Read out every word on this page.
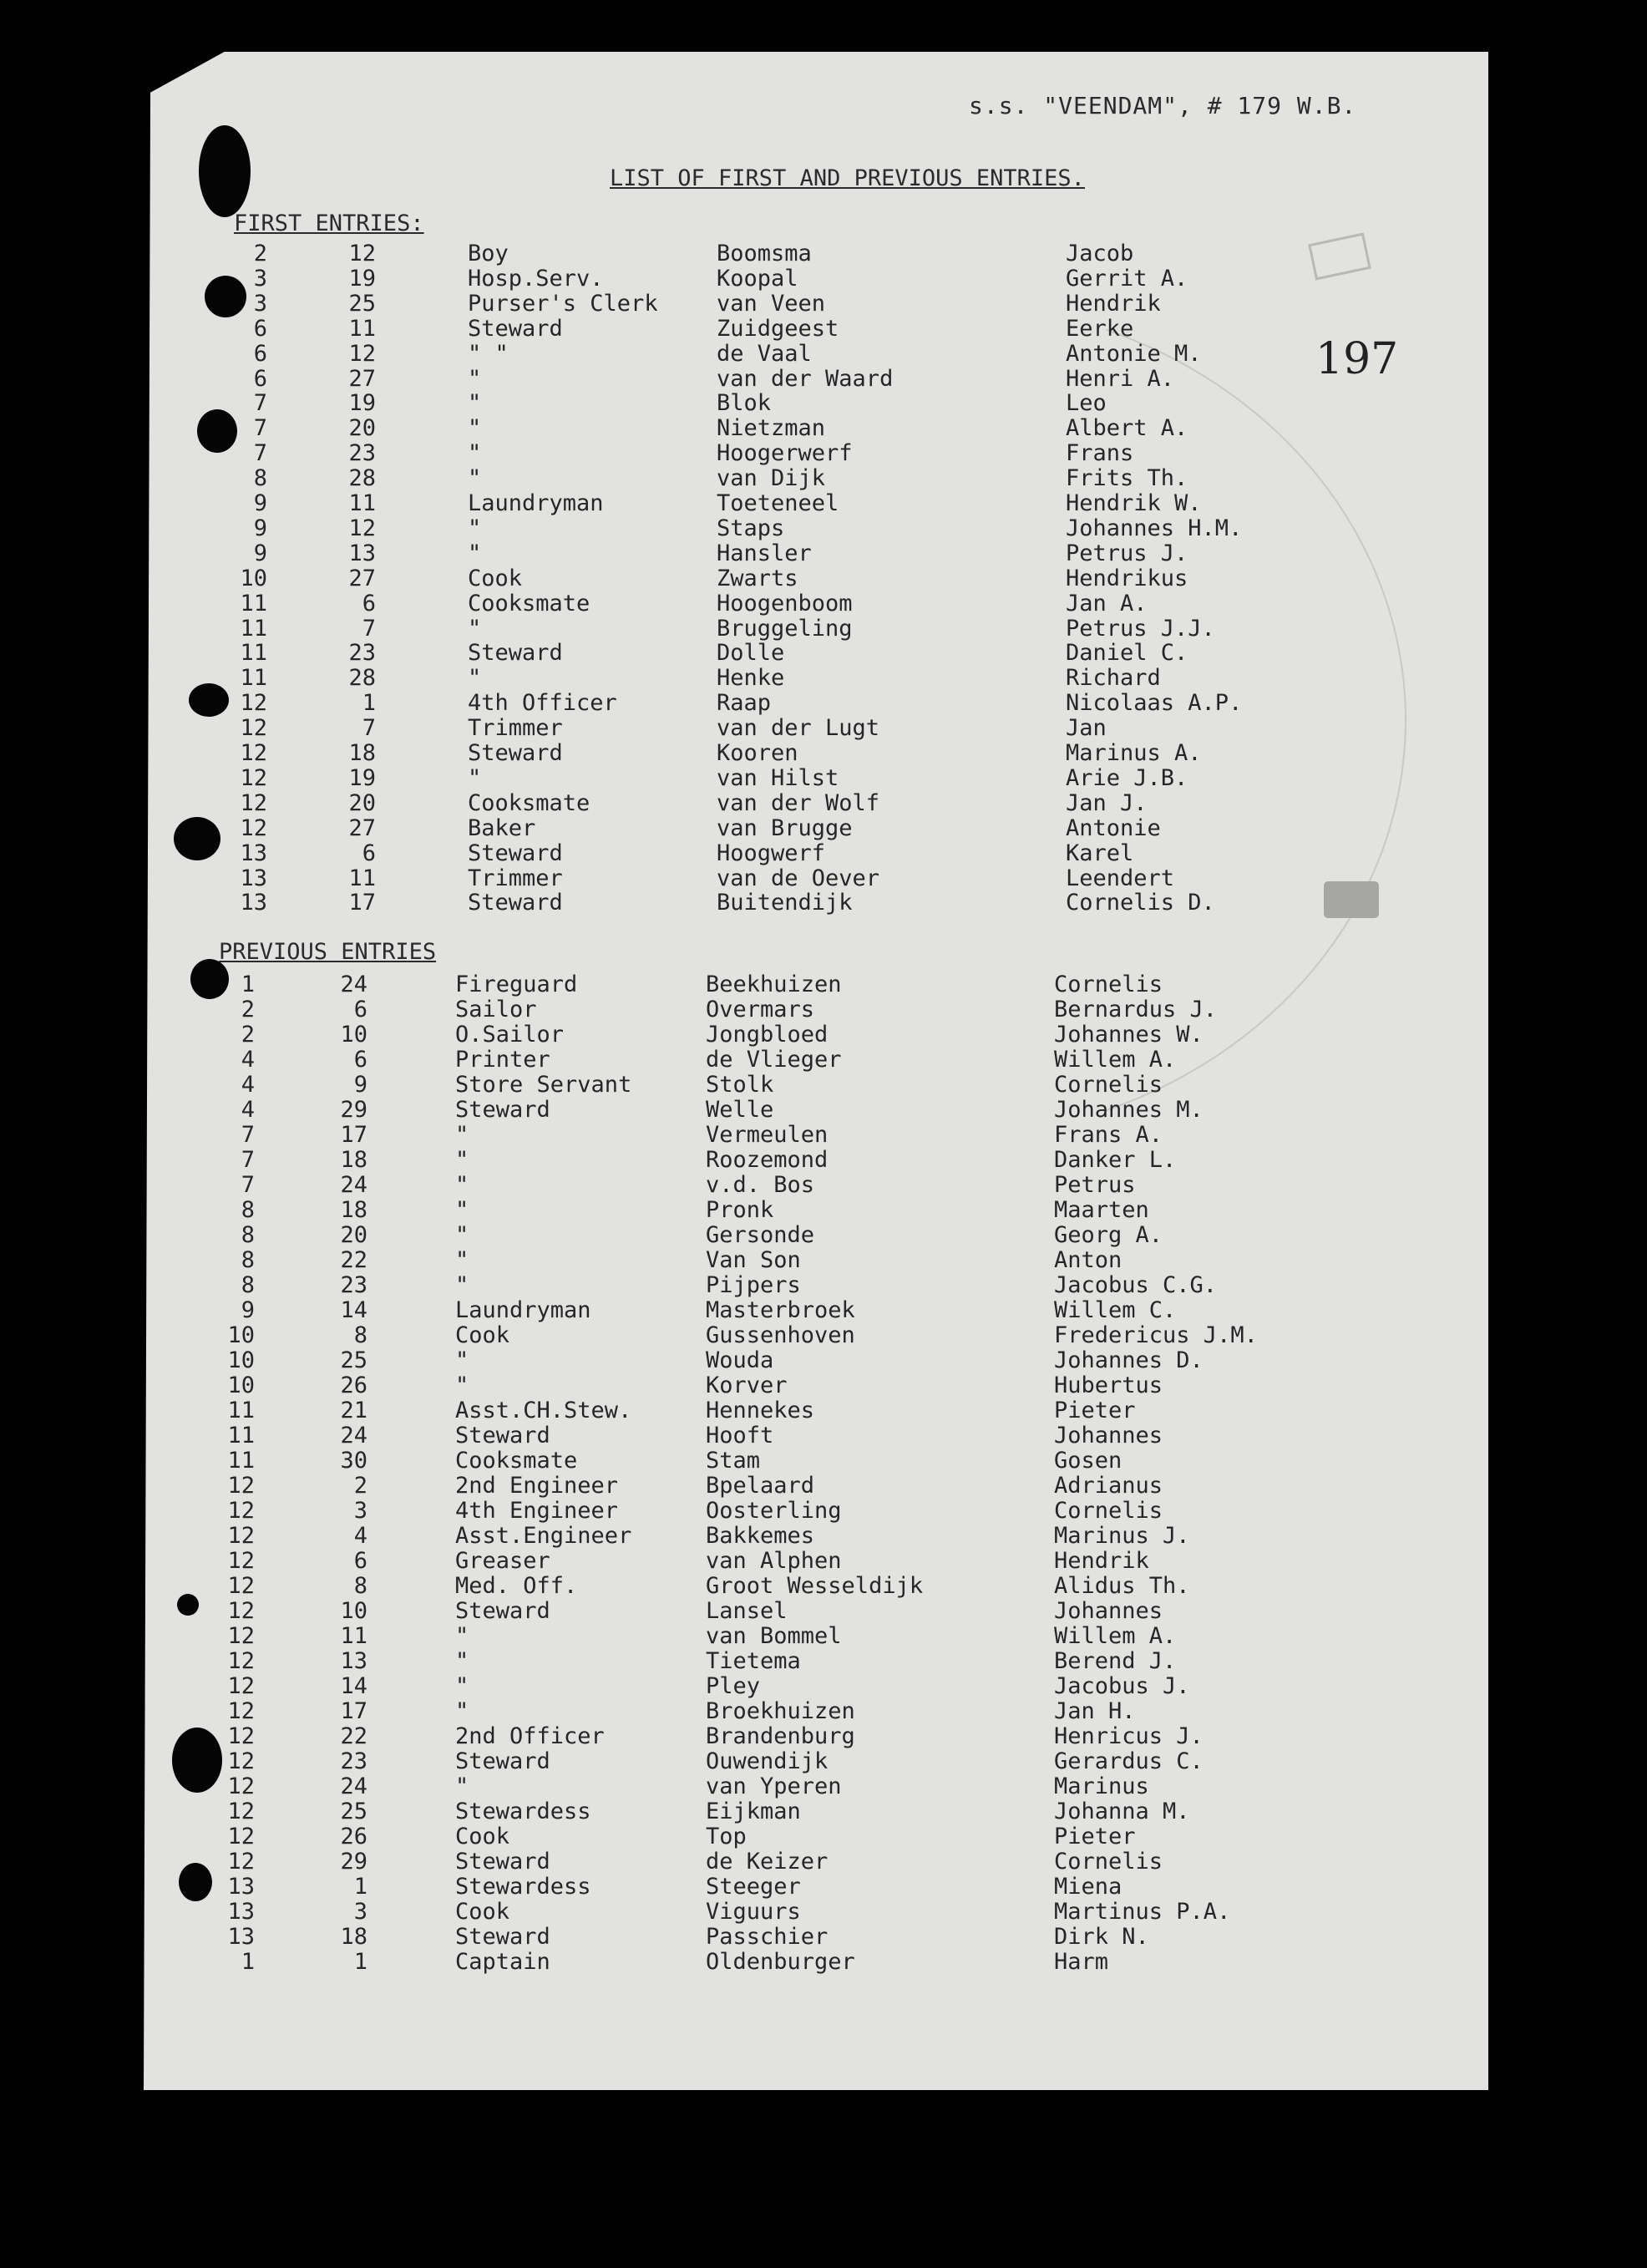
s.s. "VEENDAM", # 179 W.B.
197
LIST OF FIRST AND PREVIOUS ENTRIES.
FIRST ENTRIES:
2	12	Boy	Boomsma	Jacob
3	19	Hosp.Serv.	Koopal	Gerrit A.
3	25	Purser's Clerk	van Veen	Hendrik
6	11	Steward	Zuidgeest	Eerke
6	12	" "	de Vaal	Antonie M.
6	27	"	van der Waard	Henri A.
7	19	"	Blok	Leo
7	20	"	Nietzman	Albert A.
7	23	"	Hoogerwerf	Frans
8	28	"	van Dijk	Frits Th.
9	11	Laundryman	Toeteneel	Hendrik W.
9	12	"	Staps	Johannes H.M.
9	13	"	Hansler	Petrus J.
10	27	Cook	Zwarts	Hendrikus
11	6	Cooksmate	Hoogenboom	Jan A.
11	7	"	Bruggeling	Petrus J.J.
11	23	Steward	Dolle	Daniel C.
11	28	"	Henke	Richard
12	1	4th Officer	Raap	Nicolaas A.P.
12	7	Trimmer	van der Lugt	Jan
12	18	Steward	Kooren	Marinus A.
12	19	"	van Hilst	Arie J.B.
12	20	Cooksmate	van der Wolf	Jan J.
12	27	Baker	van Brugge	Antonie
13	6	Steward	Hoogwerf	Karel
13	11	Trimmer	van de Oever	Leendert
13	17	Steward	Buitendijk	Cornelis D.
PREVIOUS ENTRIES
1	24	Fireguard	Beekhuizen	Cornelis
2	6	Sailor	Overmars	Bernardus J.
2	10	O.Sailor	Jongbloed	Johannes W.
4	6	Printer	de Vlieger	Willem A.
4	9	Store Servant	Stolk	Cornelis
4	29	Steward	Welle	Johannes M.
7	17	"	Vermeulen	Frans A.
7	18	"	Roozemond	Danker L.
7	24	"	v.d. Bos	Petrus
8	18	"	Pronk	Maarten
8	20	"	Gersonde	Georg A.
8	22	"	Van Son	Anton
8	23	"	Pijpers	Jacobus C.G.
9	14	Laundryman	Masterbroek	Willem C.
10	8	Cook	Gussenhoven	Fredericus J.M.
10	25	"	Wouda	Johannes D.
10	26	"	Korver	Hubertus
11	21	Asst.CH.Stew.	Hennekes	Pieter
11	24	Steward	Hooft	Johannes
11	30	Cooksmate	Stam	Gosen
12	2	2nd Engineer	Bpelaard	Adrianus
12	3	4th Engineer	Oosterling	Cornelis
12	4	Asst.Engineer	Bakkemes	Marinus J.
12	6	Greaser	van Alphen	Hendrik
12	8	Med. Off.	Groot Wesseldijk	Alidus Th.
12	10	Steward	Lansel	Johannes
12	11	"	van Bommel	Willem A.
12	13	"	Tietema	Berend J.
12	14	"	Pley	Jacobus J.
12	17	"	Broekhuizen	Jan H.
12	22	2nd Officer	Brandenburg	Henricus J.
12	23	Steward	Ouwendijk	Gerardus C.
12	24	"	van Yperen	Marinus
12	25	Stewardess	Eijkman	Johanna M.
12	26	Cook	Top	Pieter
12	29	Steward	de Keizer	Cornelis
13	1	Stewardess	Steeger	Miena
13	3	Cook	Viguurs	Martinus P.A.
13	18	Steward	Passchier	Dirk N.
1	1	Captain	Oldenburger	Harm
